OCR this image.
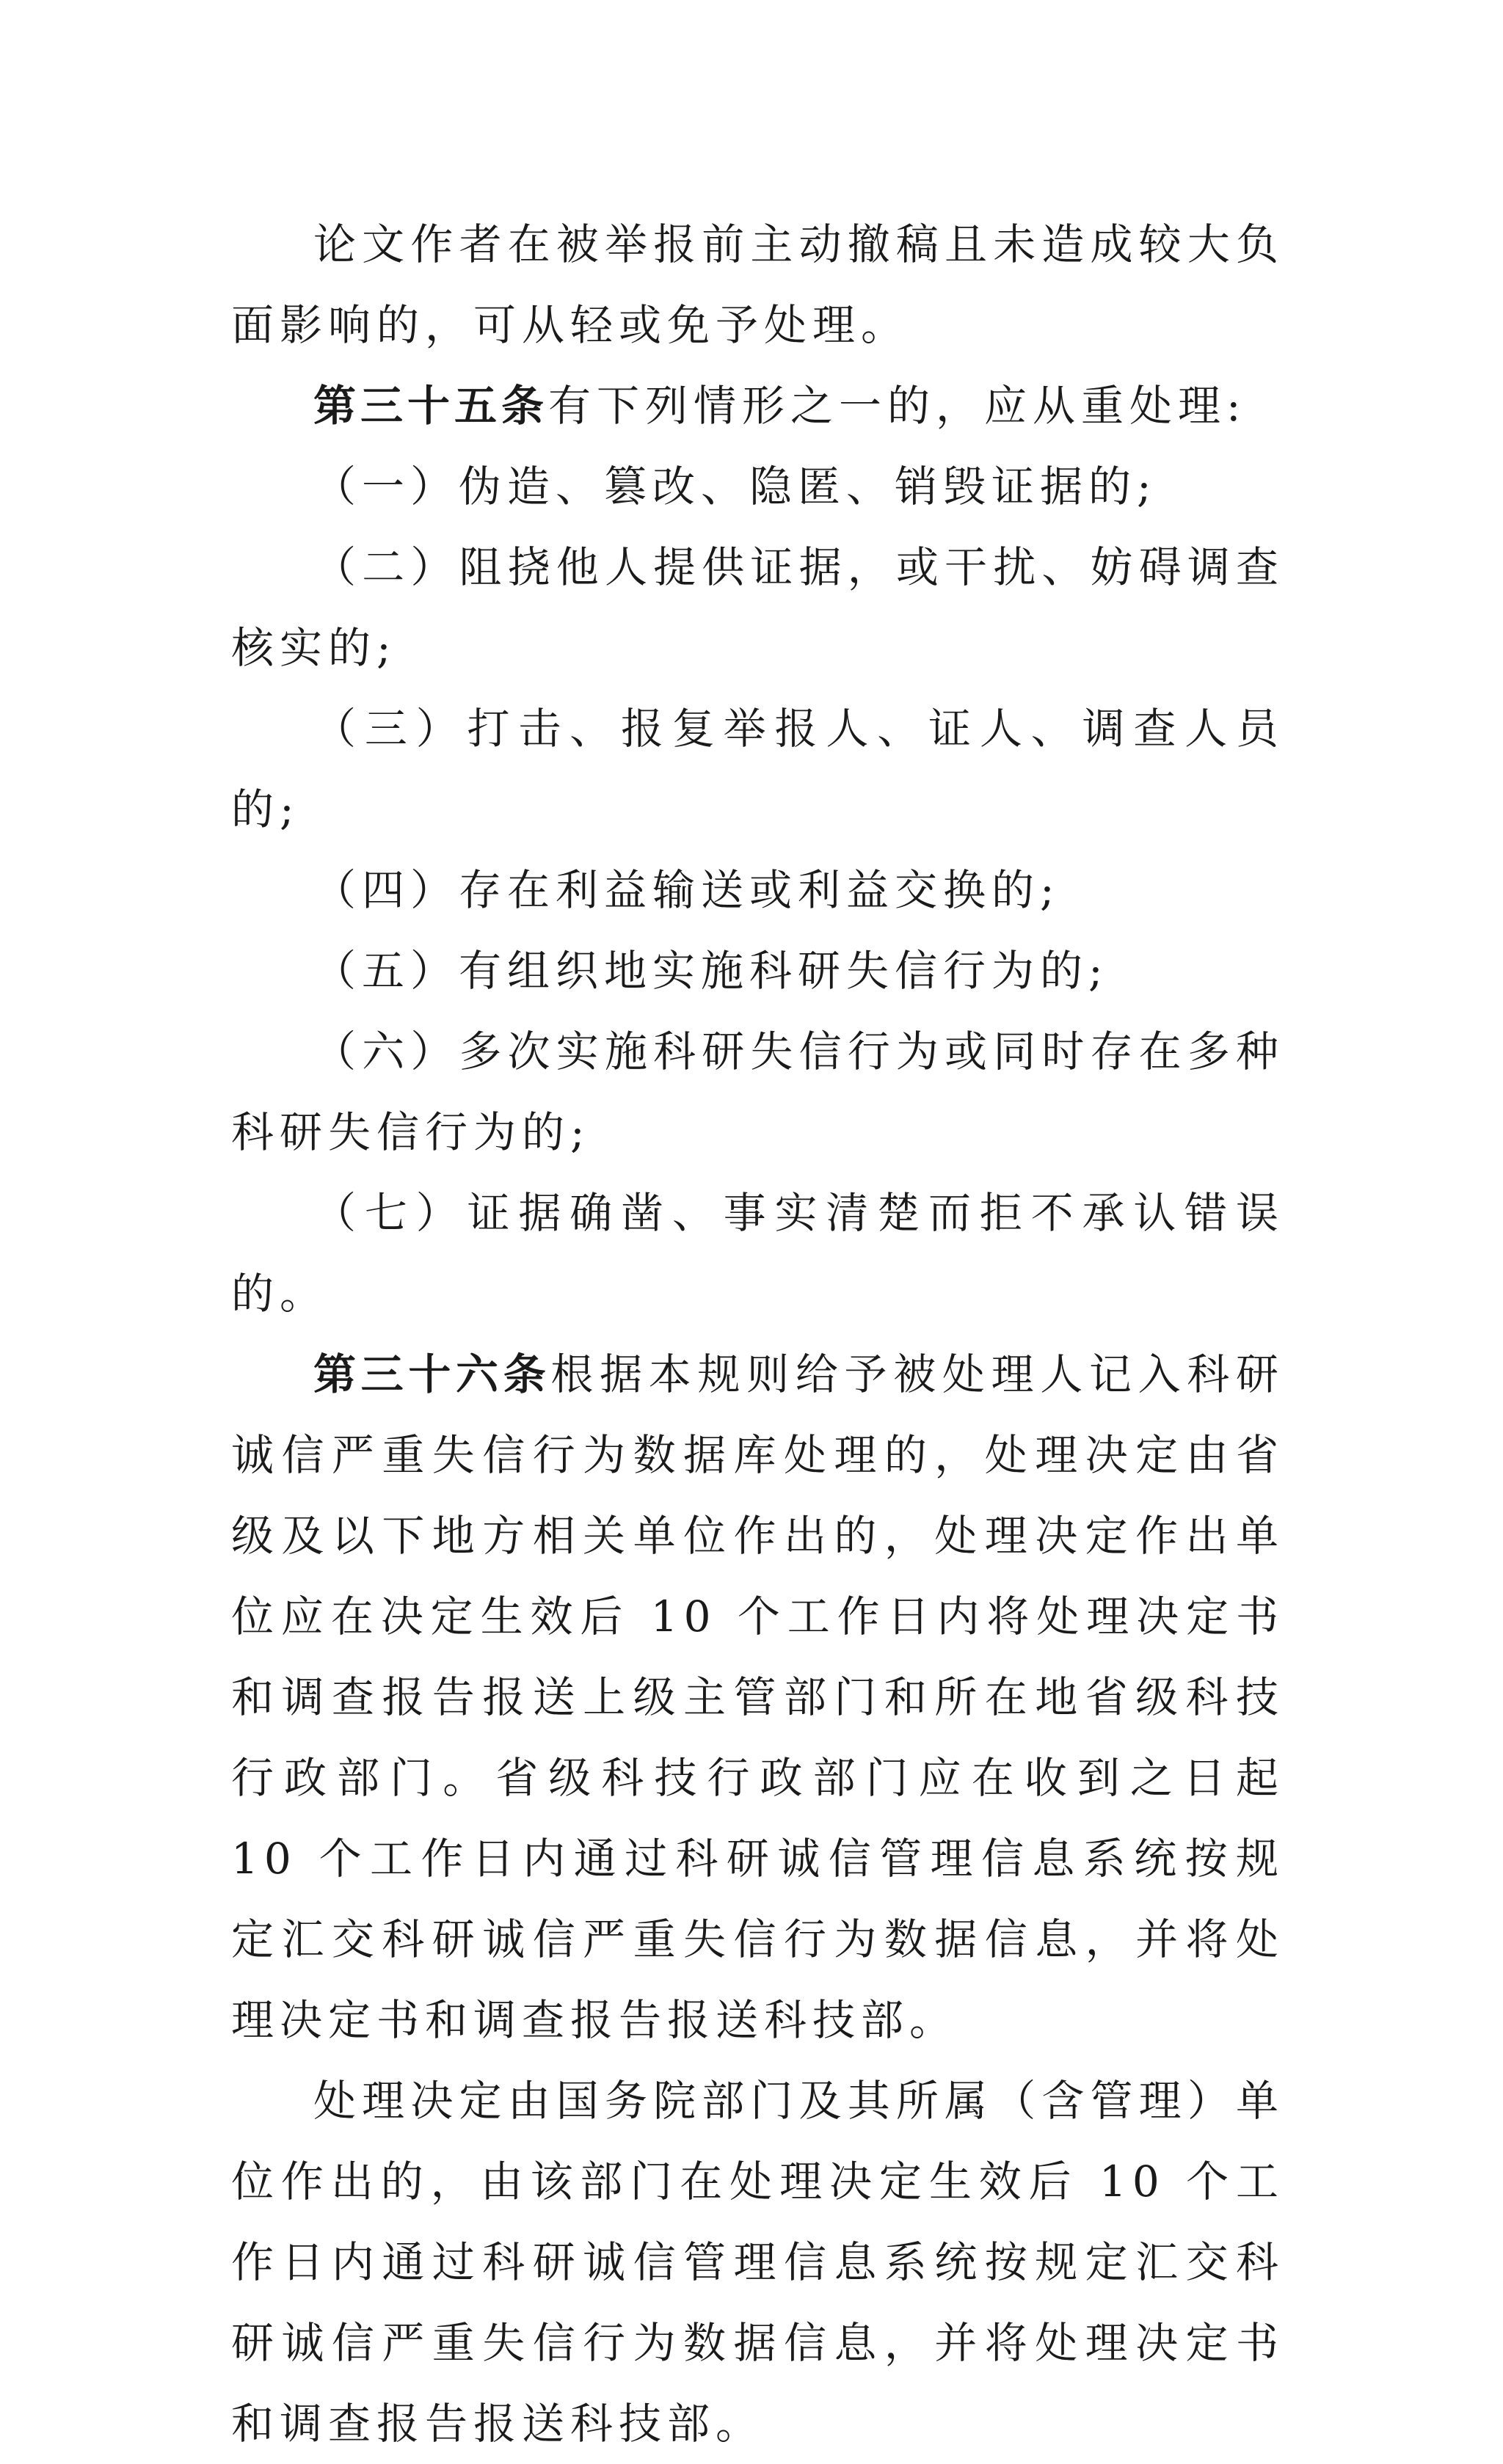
论文作者在被举报前主动撤稿且未造成较大负面影响的，可从轻或免予处理。

第三十五条有下列情形之一的，应从重处理:

（一）伪造、篡改、隐匿、销毁证据的;

（二）阻挠他人提供证据，或干扰、妨碍调查核实的;

（三）打击、报复举报人、证人、调查人员的;

（四）存在利益输送或利益交换的;

（五）有组织地实施科研失信行为的;

（六）多次实施科研失信行为或同时存在多种科研失信行为的;

（七）证据确凿、事实清楚而拒不承认错误的。

第三十六条根据本规则给予被处理人记入科研诚信严重失信行为数据库处理的，处理决定由省级及以下地方相关单位作出的，处理决定作出单位应在决定生效后 10 个工作日内将处理决定书和调查报告报送上级主管部门和所在地省级科技行政部门。省级科技行政部门应在收到之日起 10 个工作日内通过科研诚信管理信息系统按规定汇交科研诚信严重失信行为数据信息，并将处理决定书和调查报告报送科技部。

处理决定由国务院部门及其所属（含管理）单位作出的，由该部门在处理决定生效后 10 个工作日内通过科研诚信管理信息系统按规定汇交科研诚信严重失信行为数据信息，并将处理决定书和调查报告报送科技部。
